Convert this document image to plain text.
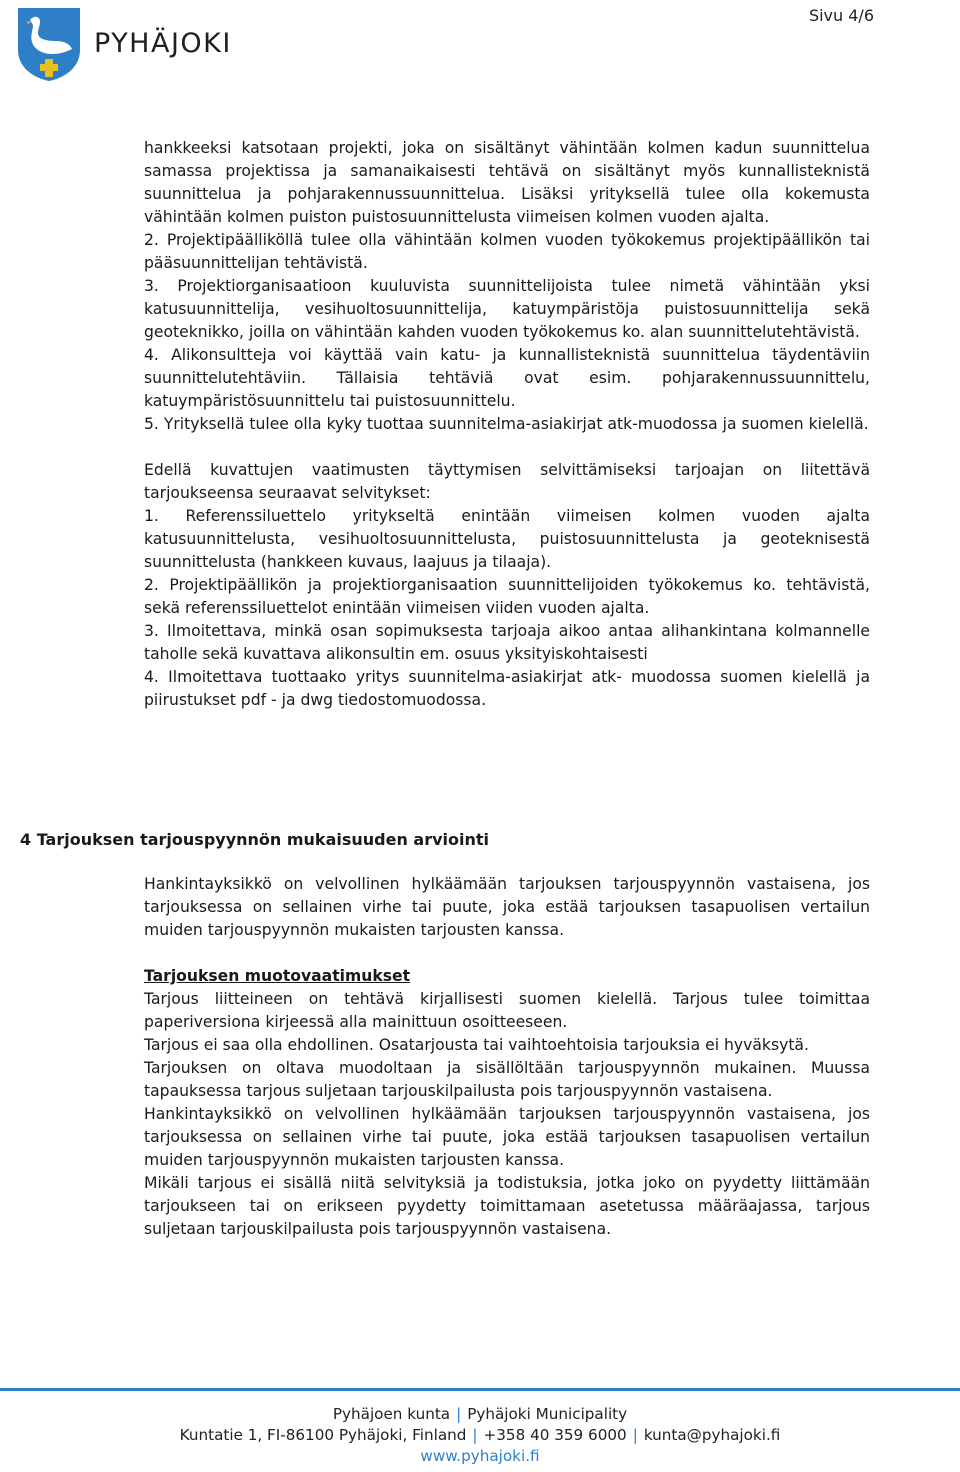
PYHÄJOKI
Sivu 4/6

hankkeeksi katsotaan projekti, joka on sisältänyt vähintään kolmen kadun suunnittelua samassa projektissa ja samanaikaisesti tehtävä on sisältänyt myös kunnallisteknistä suunnittelua ja pohjarakennussuunnittelua. Lisäksi yrityksellä tulee olla kokemusta vähintään kolmen puiston puistosuunnittelusta viimeisen kolmen vuoden ajalta.

2. Projektipäälliköllä tulee olla vähintään kolmen vuoden työkokemus projektipäällikön tai pääsuunnittelijan tehtävistä.

3. Projektiorganisaatioon kuuluvista suunnittelijoista tulee nimetä vähintään yksi katusuunnittelija, vesihuoltosuunnittelija, katuympäristöja puistosuunnittelija sekä geoteknikko, joilla on vähintään kahden vuoden työkokemus ko. alan suunnittelutehtävistä.

4. Alikonsultteja voi käyttää vain katu- ja kunnallisteknistä suunnittelua täydentäviin suunnittelutehtäviin. Tällaisia tehtäviä ovat esim. pohjarakennussuunnittelu, katuympäristösuunnittelu tai puistosuunnittelu.

5. Yrityksellä tulee olla kyky tuottaa suunnitelma-asiakirjat atk-muodossa ja suomen kielellä.

Edellä kuvattujen vaatimusten täyttymisen selvittämiseksi tarjoajan on liitettävä tarjoukseensa seuraavat selvitykset:

1. Referenssiluettelo yritykseltä enintään viimeisen kolmen vuoden ajalta katusuunnittelusta, vesihuoltosuunnittelusta, puistosuunnittelusta ja geoteknisestä suunnittelusta (hankkeen kuvaus, laajuus ja tilaaja).

2. Projektipäällikön ja projektiorganisaation suunnittelijoiden työkokemus ko. tehtävistä, sekä referenssiluettelot enintään viimeisen viiden vuoden ajalta.

3. Ilmoitettava, minkä osan sopimuksesta tarjoaja aikoo antaa alihankintana kolmannelle taholle sekä kuvattava alikonsultin em. osuus yksityiskohtaisesti

4. Ilmoitettava tuottaako yritys suunnitelma-asiakirjat atk- muodossa suomen kielellä ja piirustukset pdf - ja dwg tiedostomuodossa.

4 Tarjouksen tarjouspyynnön mukaisuuden arviointi

Hankintayksikkö on velvollinen hylkäämään tarjouksen tarjouspyynnön vastaisena, jos tarjouksessa on sellainen virhe tai puute, joka estää tarjouksen tasapuolisen vertailun muiden tarjouspyynnön mukaisten tarjousten kanssa.

Tarjouksen muotovaatimukset

Tarjous liitteineen on tehtävä kirjallisesti suomen kielellä. Tarjous tulee toimittaa paperiversiona kirjeessä alla mainittuun osoitteeseen.

Tarjous ei saa olla ehdollinen. Osatarjousta tai vaihtoehtoisia tarjouksia ei hyväksytä.

Tarjouksen on oltava muodoltaan ja sisällöltään tarjouspyynnön mukainen. Muussa tapauksessa tarjous suljetaan tarjouskilpailusta pois tarjouspyynnön vastaisena.

Hankintayksikkö on velvollinen hylkäämään tarjouksen tarjouspyynnön vastaisena, jos tarjouksessa on sellainen virhe tai puute, joka estää tarjouksen tasapuolisen vertailun muiden tarjouspyynnön mukaisten tarjousten kanssa.

Mikäli tarjous ei sisällä niitä selvityksiä ja todistuksia, jotka joko on pyydetty liittämään tarjoukseen tai on erikseen pyydetty toimittamaan asetetussa määräajassa, tarjous suljetaan tarjouskilpailusta pois tarjouspyynnön vastaisena.

Pyhäjoen kunta | Pyhäjoki Municipality
Kuntatie 1, FI-86100 Pyhäjoki, Finland | +358 40 359 6000 | kunta@pyhajoki.fi
www.pyhajoki.fi
